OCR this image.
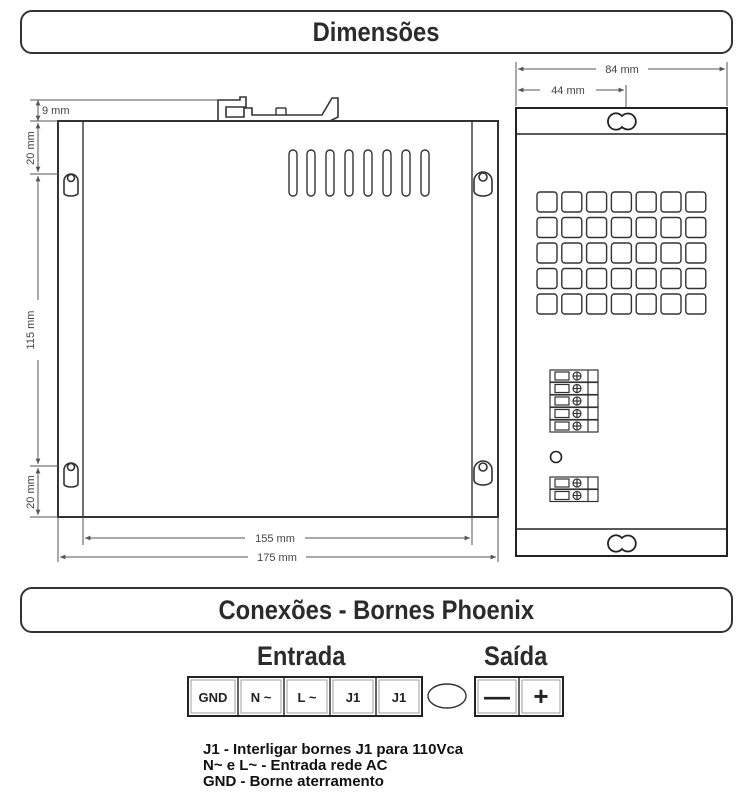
Dimensões
9 mm
20 mm
115 mm
20 mm
155 mm
175 mm
84 mm
44 mm
Conexões - Bornes Phoenix
Entrada	Saída
GND N ~ L ~ J1 J1	— +
J1 - Interligar bornes J1 para 110Vca
N~ e L~ - Entrada rede AC
GND - Borne aterramento
